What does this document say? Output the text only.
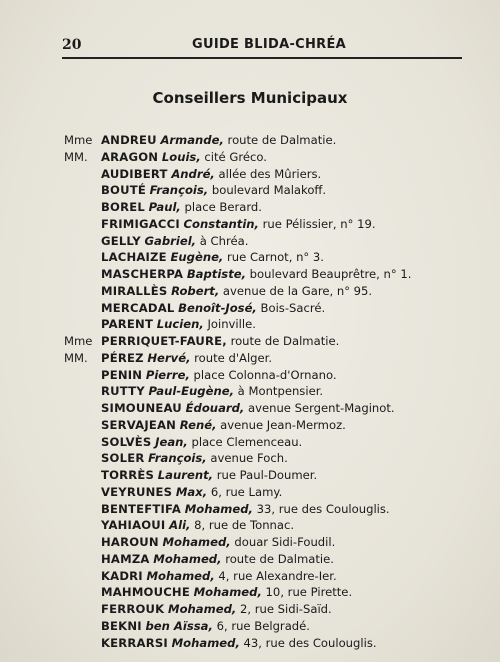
20	GUIDE BLIDA-CHRÉA
Conseillers Municipaux
Mme ANDREU Armande, route de Dalmatie.
MM. ARAGON Louis, cité Gréco.
AUDIBERT André, allée des Mûriers.
BOUTÉ François, boulevard Malakoff.
BOREL Paul, place Berard.
FRIMIGACCI Constantin, rue Pélissier, n° 19.
GELLY Gabriel, à Chréa.
LACHAIZE Eugène, rue Carnot, n° 3.
MASCHERPA Baptiste, boulevard Beauprêtre, n° 1.
MIRALLÈS Robert, avenue de la Gare, n° 95.
MERCADAL Benoît-José, Bois-Sacré.
PARENT Lucien, Joinville.
Mme PERRIQUET-FAURE, route de Dalmatie.
MM. PÉREZ Hervé, route d'Alger.
PENIN Pierre, place Colonna-d'Ornano.
RUTTY Paul-Eugène, à Montpensier.
SIMOUNEAU Édouard, avenue Sergent-Maginot.
SERVAJEAN René, avenue Jean-Mermoz.
SOLVÈS Jean, place Clemenceau.
SOLER François, avenue Foch.
TORRÈS Laurent, rue Paul-Doumer.
VEYRUNES Max, 6, rue Lamy.
BENTEFTIFA Mohamed, 33, rue des Coulouglis.
YAHIAOUI Ali, 8, rue de Tonnac.
HAROUN Mohamed, douar Sidi-Foudil.
HAMZA Mohamed, route de Dalmatie.
KADRI Mohamed, 4, rue Alexandre-Ier.
MAHMOUCHE Mohamed, 10, rue Pirette.
FERROUK Mohamed, 2, rue Sidi-Saïd.
BEKNI ben Aïssa, 6, rue Belgradé.
KERRARSI Mohamed, 43, rue des Coulouglis.
